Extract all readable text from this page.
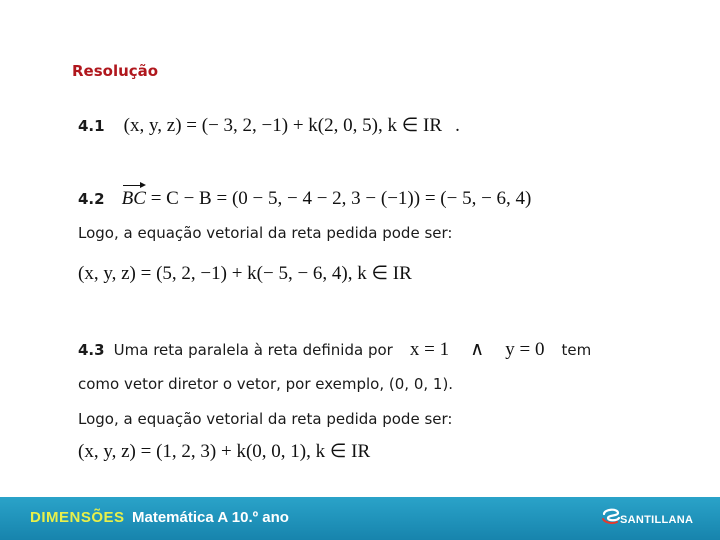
Resolução
4.1 (x, y, z) = (− 3, 2, −1) + k(2, 0, 5), k ∈ IR .
4.2 BC = C − B = (0 − 5, − 4 − 2, 3 − (−1)) = (− 5, − 6, 4)
Logo, a equação vetorial da reta pedida pode ser:
(x, y, z) = (5, 2, −1) + k(− 5, − 6, 4), k ∈ IR
4.3 Uma reta paralela à reta definida por x = 1 ∧ y = 0 tem
como vetor diretor o vetor, por exemplo, (0, 0, 1).
Logo, a equação vetorial da reta pedida pode ser:
(x, y, z) = (1, 2, 3) + k(0, 0, 1), k ∈ IR
DIMENSÕES Matemática A 10.º ano	SANTILLANA
